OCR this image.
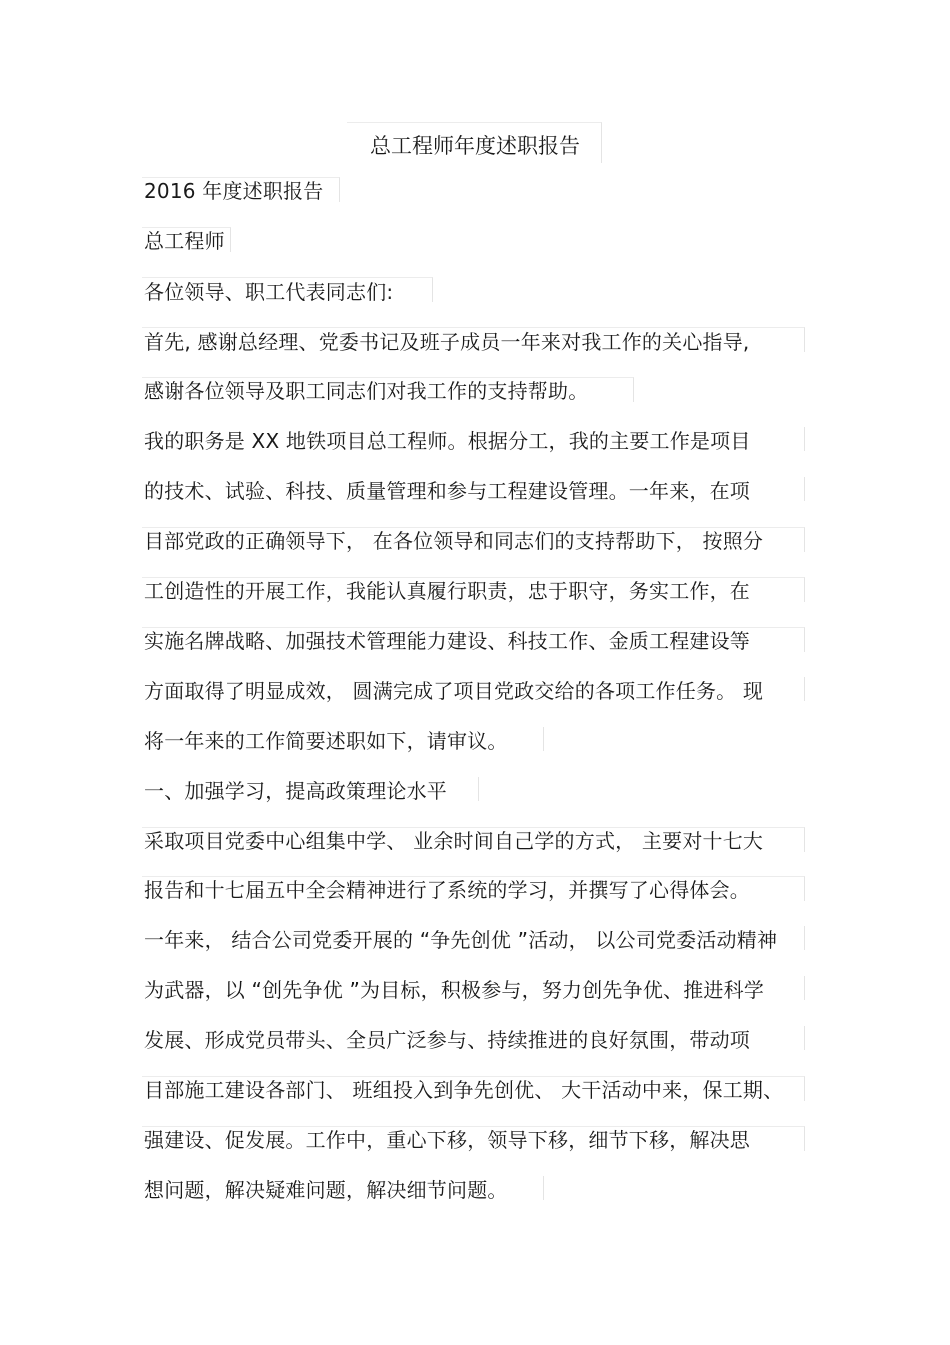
总工程师年度述职报告
2016 年度述职报告
总工程师
各位领导、职工代表同志们:
首先, 感谢总经理、党委书记及班子成员一年来对我工作的关心指导,
感谢各位领导及职工同志们对我工作的支持帮助。
我的职务是 XX 地铁项目总工程师。根据分工，我的主要工作是项目
的技术、试验、科技、质量管理和参与工程建设管理。一年来，在项
目部党政的正确领导下， 在各位领导和同志们的支持帮助下， 按照分
工创造性的开展工作，我能认真履行职责，忠于职守，务实工作，在
实施名牌战略、加强技术管理能力建设、科技工作、金质工程建设等
方面取得了明显成效， 圆满完成了项目党政交给的各项工作任务。 现
将一年来的工作简要述职如下，请审议。
一、加强学习，提高政策理论水平
采取项目党委中心组集中学、 业余时间自己学的方式， 主要对十七大
报告和十七届五中全会精神进行了系统的学习，并撰写了心得体会。
一年来， 结合公司党委开展的 “争先创优 ”活动， 以公司党委活动精神
为武器，以 “创先争优 ”为目标，积极参与，努力创先争优、推进科学
发展、形成党员带头、全员广泛参与、持续推进的良好氛围，带动项
目部施工建设各部门、 班组投入到争先创优、 大干活动中来，保工期、
强建设、促发展。工作中，重心下移，领导下移，细节下移，解决思
想问题，解决疑难问题，解决细节问题。
